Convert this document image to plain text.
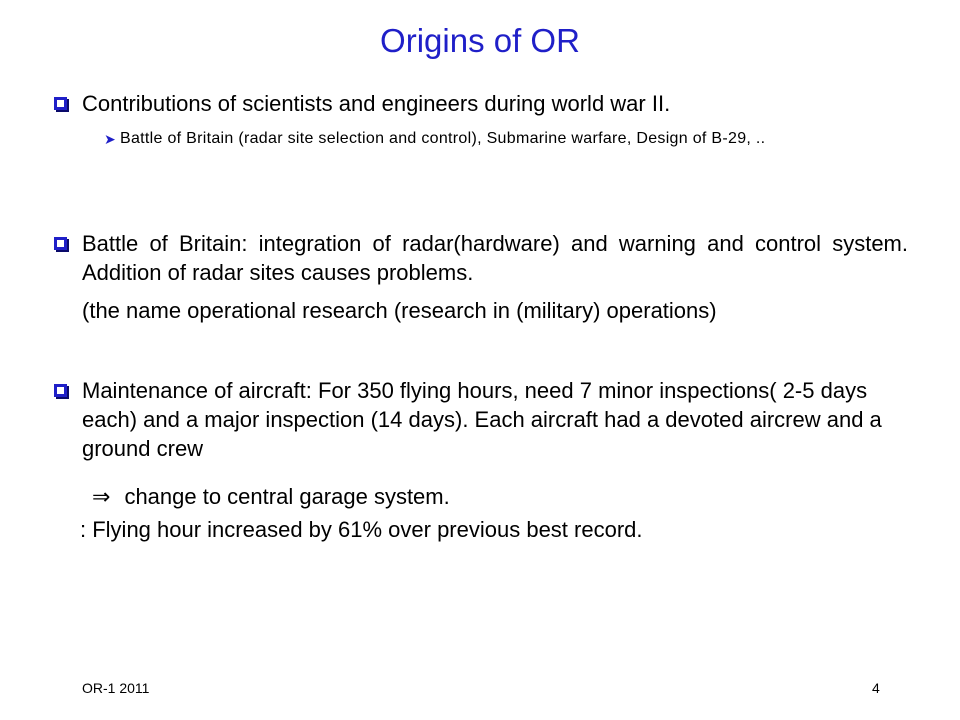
Origins of OR
Contributions of scientists and engineers during world war II.
➤ Battle of Britain (radar site selection and control), Submarine warfare, Design of B-29, ..
Battle of Britain: integration of radar(hardware) and warning and control system. Addition of radar sites causes problems.
(the name operational research (research in (military) operations)
Maintenance of aircraft: For 350 flying hours, need 7 minor inspections( 2-5 days each) and a major inspection (14 days). Each aircraft had a devoted aircrew and a ground crew
⇒ change to central garage system.
: Flying hour increased by 61% over previous best record.
OR-1 2011	4
